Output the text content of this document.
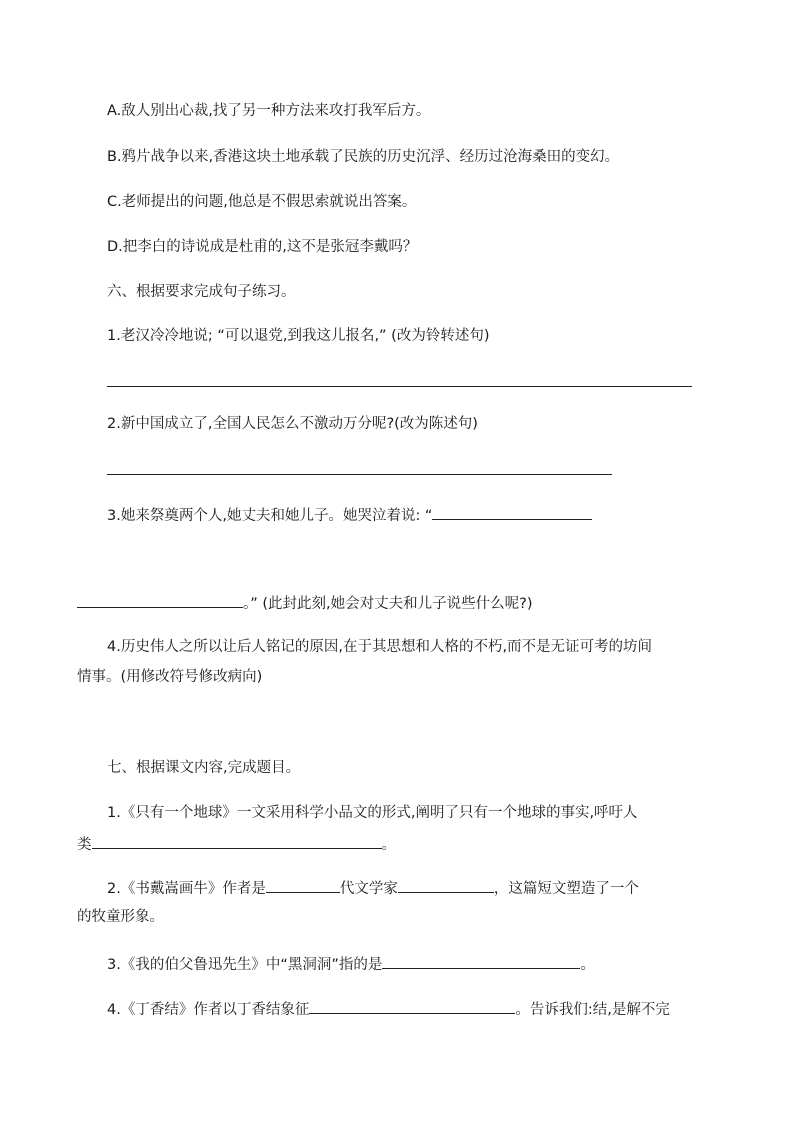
A.敌人别出心裁,找了另一种方法来攻打我军后方。
B.鸦片战争以来,香港这块土地承载了民族的历史沉浮、经历过沧海桑田的变幻。
C.老师提出的问题,他总是不假思索就说出答案。
D.把李白的诗说成是杜甫的,这不是张冠李戴吗？
六、根据要求完成句子练习。
1.老汉冷冷地说; “可以退党,到我这儿报名,” (改为铃转述句)
2.新中国成立了,全国人民怎么不激动万分呢?(改为陈述句)
3.她来祭奠两个人,她丈夫和她儿子。她哭泣着说: “
。” (此封此刻,她会对丈夫和儿子说些什么呢?)
4.历史伟人之所以让后人铭记的原因,在于其思想和人格的不朽,而不是无证可考的坊间
情事。(用修改符号修改病向)
七、根据课文内容,完成题目。
1.《只有一个地球》一文采用科学小品文的形式,阐明了只有一个地球的事实,呼吁人
类	。
2.《书戴嵩画牛》作者是	代文学家	，这篇短文塑造了一个
的牧童形象。
3.《我的伯父鲁迅先生》中“黑洞洞”指的是	。
4.《丁香结》作者以丁香结象征	。告诉我们:结,是解不完
